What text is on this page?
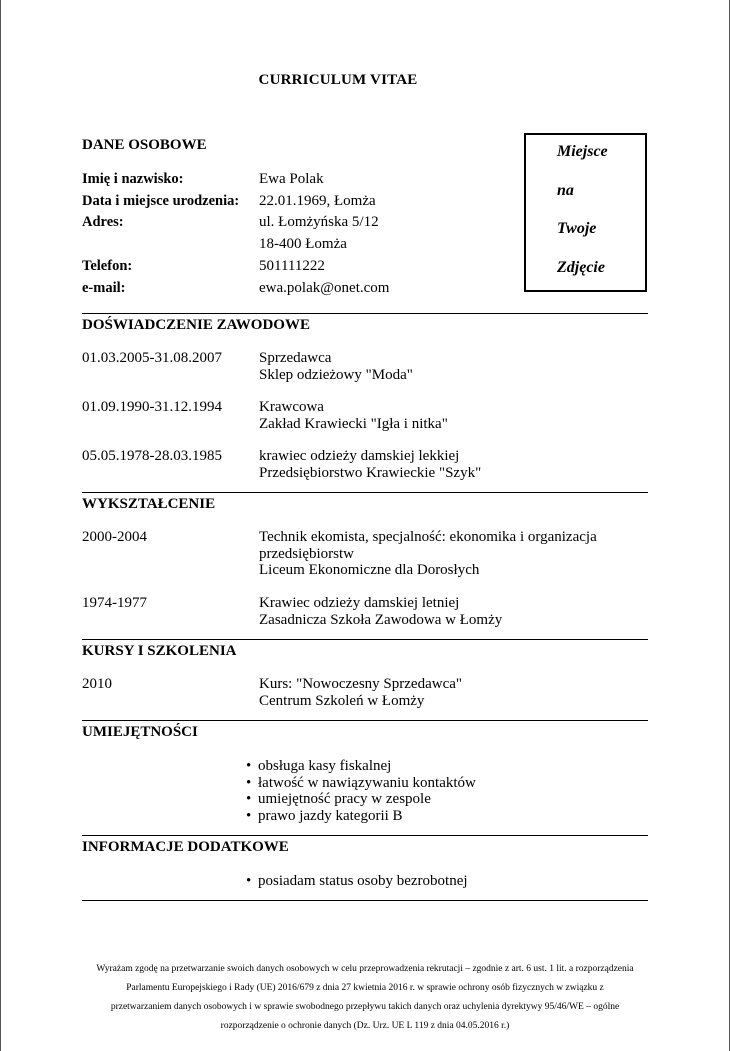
CURRICULUM VITAE
DANE OSOBOWE
Imię i nazwisko:	Ewa Polak
Data i miejsce urodzenia: 22.01.1969, Łomża
Adres:	ul. Łomżyńska 5/12
18-400 Łomża
Telefon:	501111222
e-mail:	ewa.polak@onet.com
Miejsce
na
Twoje
Zdjęcie
DOŚWIADCZENIE ZAWODOWE
01.03.2005-31.08.2007 Sprzedawca
Sklep odzieżowy "Moda"
01.09.1990-31.12.1994 Krawcowa
Zakład Krawiecki "Igła i nitka"
05.05.1978-28.03.1985 krawiec odzieży damskiej lekkiej
Przedsiębiorstwo Krawieckie "Szyk"
WYKSZTAŁCENIE
2000-2004	Technik ekomista, specjalność: ekonomika i organizacja
przedsiębiorstw
Liceum Ekonomiczne dla Dorosłych
1974-1977	Krawiec odzieży damskiej letniej
Zasadnicza Szkoła Zawodowa w Łomży
KURSY I SZKOLENIA
2010	Kurs: "Nowoczesny Sprzedawca"
Centrum Szkoleń w Łomży
UMIEJĘTNOŚCI
• obsługa kasy fiskalnej
• łatwość w nawiązywaniu kontaktów
• umiejętność pracy w zespole
• prawo jazdy kategorii B
INFORMACJE DODATKOWE
• posiadam status osoby bezrobotnej
Wyrażam zgodę na przetwarzanie swoich danych osobowych w celu przeprowadzenia rekrutacji – zgodnie z art. 6 ust. 1 lit. a rozporządzenia
Parlamentu Europejskiego i Rady (UE) 2016/679 z dnia 27 kwietnia 2016 r. w sprawie ochrony osób fizycznych w związku z
przetwarzaniem danych osobowych i w sprawie swobodnego przepływu takich danych oraz uchylenia dyrektywy 95/46/WE – ogólne
rozporządzenie o ochronie danych (Dz. Urz. UE L 119 z dnia 04.05.2016 r.)
